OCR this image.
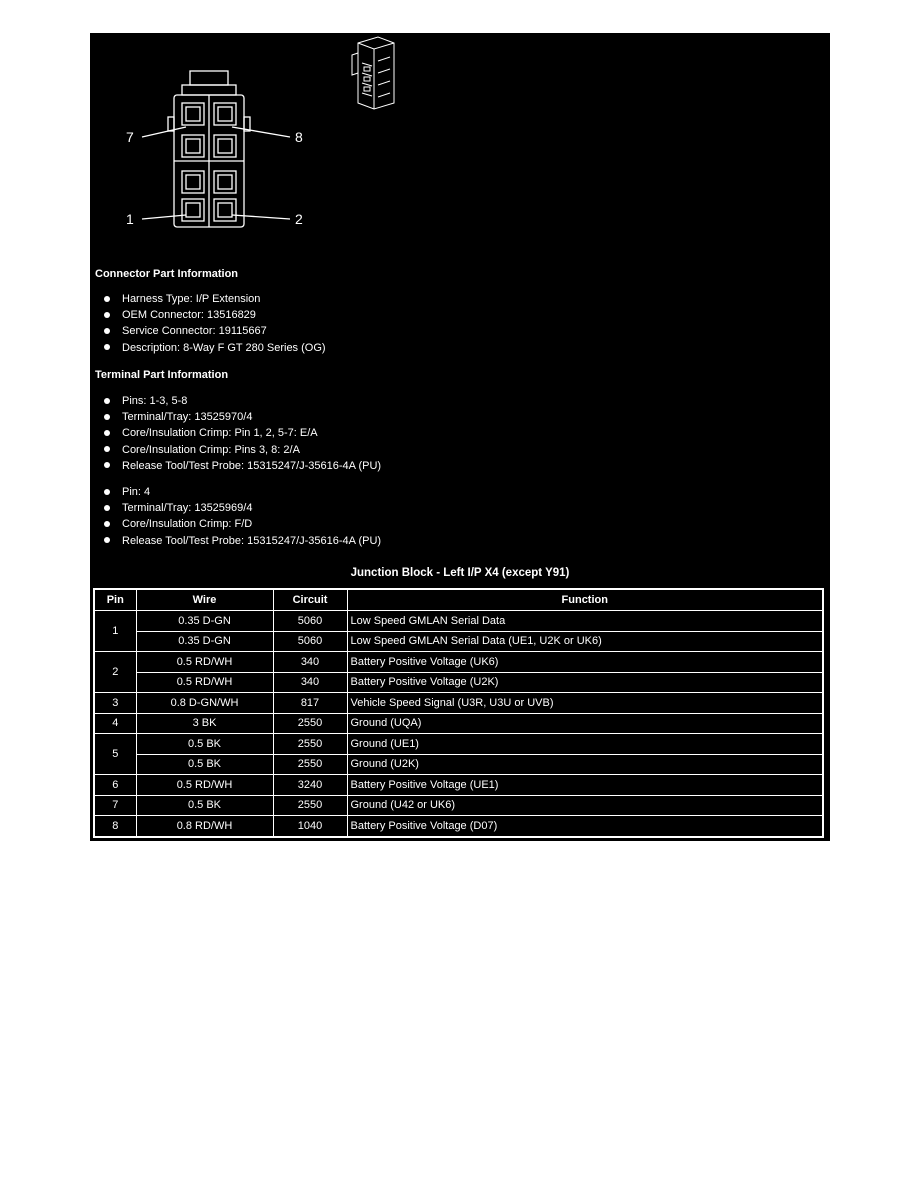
7	8
1	2
Connector Part Information
Harness Type: I/P Extension
OEM Connector: 13516829
Service Connector: 19115667
Description: 8-Way F GT 280 Series (OG)
Terminal Part Information
Pins: 1-3, 5-8
Terminal/Tray: 13525970/4
Core/Insulation Crimp: Pin 1, 2, 5-7: E/A
Core/Insulation Crimp: Pins 3, 8: 2/A
Release Tool/Test Probe: 15315247/J-35616-4A (PU)
Pin: 4
Terminal/Tray: 13525969/4
Core/Insulation Crimp: F/D
Release Tool/Test Probe: 15315247/J-35616-4A (PU)
Junction Block - Left I/P X4 (except Y91)
Pin	Wire	Circuit	Function
1	0.35 D-GN	5060	Low Speed GMLAN Serial Data
	0.35 D-GN	5060	Low Speed GMLAN Serial Data (UE1, U2K or UK6)
2	0.5 RD/WH	340	Battery Positive Voltage (UK6)
	0.5 RD/WH	340	Battery Positive Voltage (U2K)
3	0.8 D-GN/WH	817	Vehicle Speed Signal (U3R, U3U or UVB)
4	3 BK	2550	Ground (UQA)
5	0.5 BK	2550	Ground (UE1)
	0.5 BK	2550	Ground (U2K)
6	0.5 RD/WH	3240	Battery Positive Voltage (UE1)
7	0.5 BK	2550	Ground (U42 or UK6)
8	0.8 RD/WH	1040	Battery Positive Voltage (D07)
